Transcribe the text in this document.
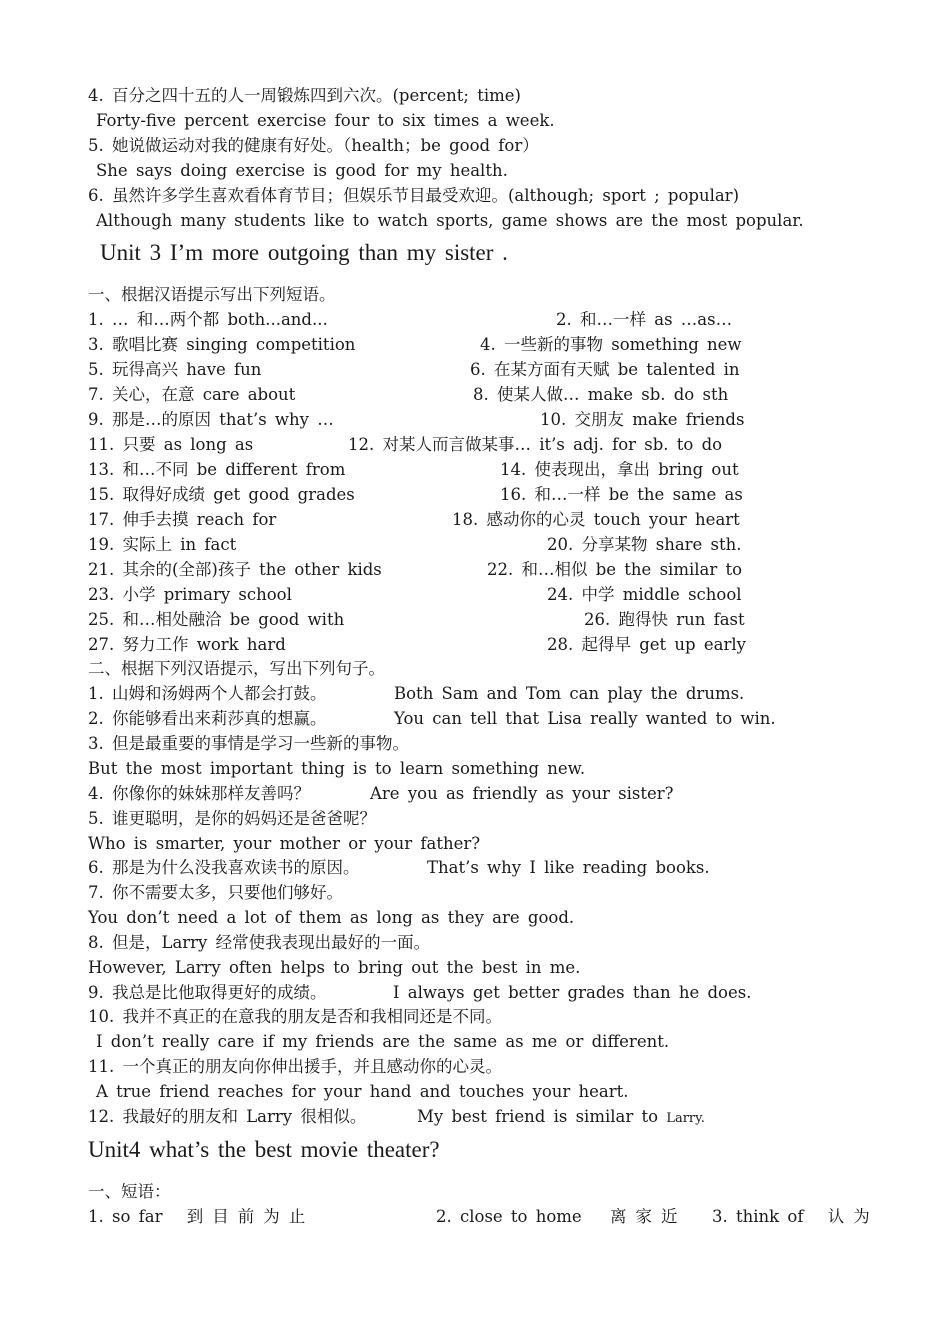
4. 百分之四十五的人一周锻炼四到六次。(percent; time)
Forty-five percent exercise four to six times a week.
5. 她说做运动对我的健康有好处。（health；be good for）
She says doing exercise is good for my health.
6. 虽然许多学生喜欢看体育节目；但娱乐节目最受欢迎。(although; sport ; popular)
Although many students like to watch sports, game shows are the most popular.
Unit 3 I’m more outgoing than my sister .
一、根据汉语提示写出下列短语。
1. … 和…两个都 both...and...	2. 和…一样 as …as…
3. 歌唱比赛 singing competition	4. 一些新的事物 something new
5. 玩得高兴 have fun	6. 在某方面有天赋 be talented in
7. 关心，在意 care about	8. 使某人做… make sb. do sth
9. 那是…的原因 that’s why …	10. 交朋友 make friends
11. 只要 as long as	12. 对某人而言做某事… it’s adj. for sb. to do
13. 和…不同 be different from	14. 使表现出，拿出 bring out
15. 取得好成绩 get good grades	16. 和…一样 be the same as
17. 伸手去摸 reach for	18. 感动你的心灵 touch your heart
19. 实际上 in fact	20. 分享某物 share sth.
21. 其余的(全部)孩子 the other kids	22. 和…相似 be the similar to
23. 小学 primary school	24. 中学 middle school
25. 和…相处融洽 be good with	26. 跑得快 run fast
27. 努力工作 work hard	28. 起得早 get up early
二、根据下列汉语提示，写出下列句子。
1. 山姆和汤姆两个人都会打鼓。	Both Sam and Tom can play the drums.
2. 你能够看出来莉莎真的想赢。	You can tell that Lisa really wanted to win.
3. 但是最重要的事情是学习一些新的事物。
But the most important thing is to learn something new.
4. 你像你的妹妹那样友善吗？	Are you as friendly as your sister?
5. 谁更聪明，是你的妈妈还是爸爸呢？
Who is smarter, your mother or your father?
6. 那是为什么没我喜欢读书的原因。	That’s why I like reading books.
7. 你不需要太多，只要他们够好。
You don’t need a lot of them as long as they are good.
8. 但是，Larry 经常使我表现出最好的一面。
However, Larry often helps to bring out the best in me.
9. 我总是比他取得更好的成绩。	I always get better grades than he does.
10. 我并不真正的在意我的朋友是否和我相同还是不同。
I don’t really care if my friends are the same as me or different.
11. 一个真正的朋友向你伸出援手，并且感动你的心灵。
A true friend reaches for your hand and touches your heart.
12. 我最好的朋友和 Larry 很相似。	My best friend is similar to Larry.
Unit4 what’s the best movie theater?
一、短语：
1. so far 到目前为止	2. close to home 离家近 3. think of 认为
